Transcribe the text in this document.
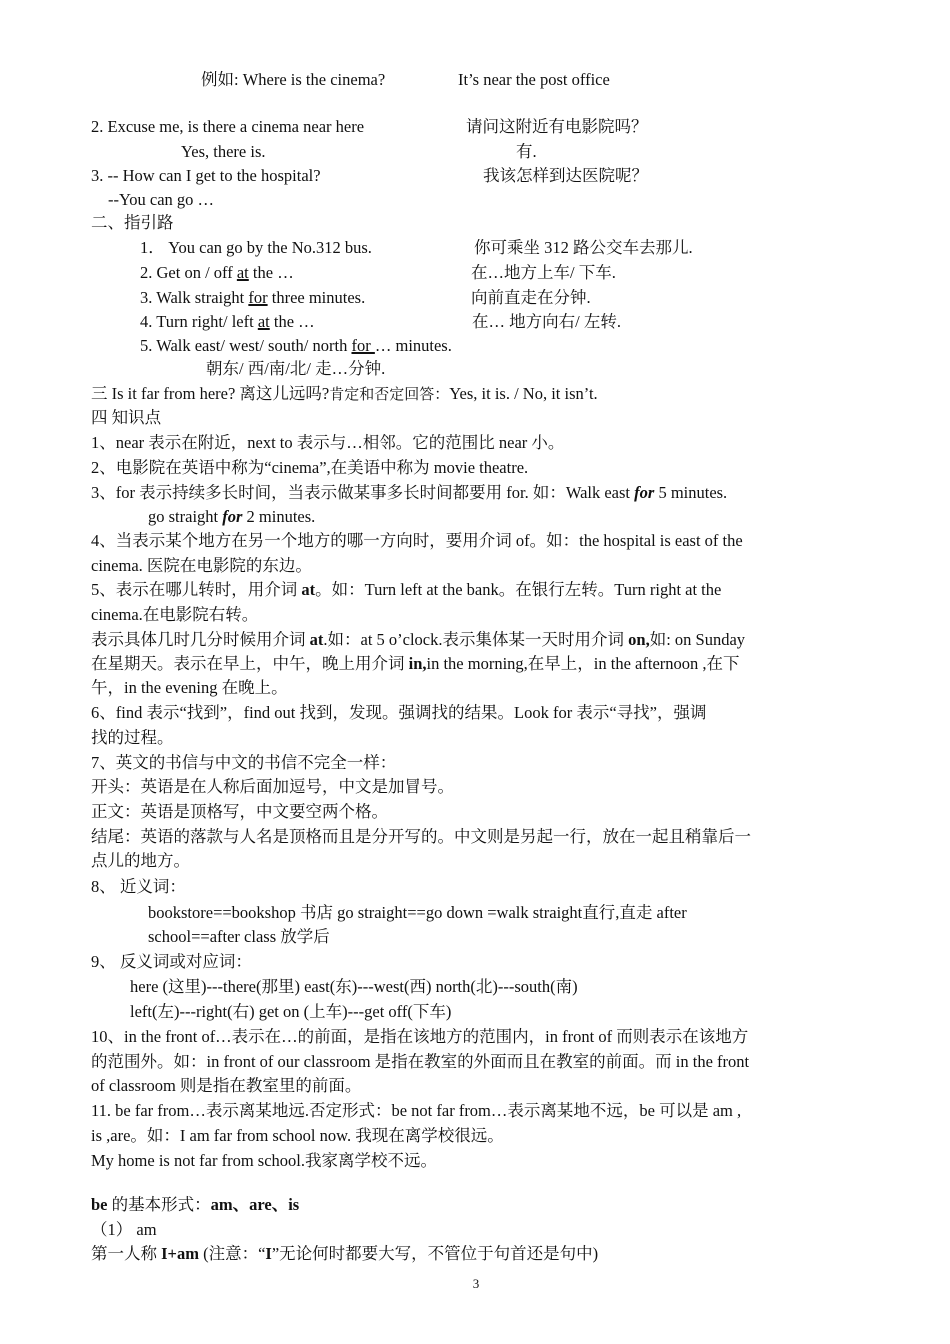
例如: Where is the cinema?	It’s near the post office
2. Excuse me, is there a cinema near here	请问这附近有电影院吗？
Yes, there is.	有.
3. -- How can I get to the hospital?	我该怎样到达医院呢？
--You can go …
二、指引路
1． You can go by the No.312 bus.	你可乘坐 312 路公交车去那儿.
2. Get on / off at the …	在…地方上车/ 下车.
3. Walk straight for three minutes.	向前直走在分钟.
4. Turn right/ left at the …	在… 地方向右/ 左转.
5. Walk east/ west/ south/ north for … minutes.
朝东/ 西/南/北/ 走…分钟.
三 Is it far from here? 离这儿远吗?肯定和否定回答：Yes, it is. / No, it isn’t.
四 知识点
1、near 表示在附近，next to 表示与…相邻。它的范围比 near 小。
2、电影院在英语中称为“cinema”,在美语中称为 movie theatre.
3、for 表示持续多长时间，当表示做某事多长时间都要用 for. 如：Walk east for 5 minutes.
go straight for 2 minutes.
4、当表示某个地方在另一个地方的哪一方向时，要用介词 of。如：the hospital is east of the
cinema. 医院在电影院的东边。
5、表示在哪儿转时，用介词 at。如：Turn left at the bank。在银行左转。Turn right at the
cinema.在电影院右转。
表示具体几时几分时候用介词 at.如：at 5 o’clock.表示集体某一天时用介词 on,如: on Sunday
在星期天。表示在早上，中午，晚上用介词 in,in the morning,在早上，in the afternoon ,在下
午，in the evening 在晚上。
6、find 表示“找到”，find out 找到，发现。强调找的结果。Look for 表示“寻找”，强调
找的过程。
7、英文的书信与中文的书信不完全一样：
开头：英语是在人称后面加逗号，中文是加冒号。
正文：英语是顶格写，中文要空两个格。
结尾：英语的落款与人名是顶格而且是分开写的。中文则是另起一行，放在一起且稍靠后一
点儿的地方。
8、 近义词：
bookstore==bookshop 书店 go straight==go down =walk straight直行,直走 after
school==after class 放学后
9、 反义词或对应词：
here (这里)---there(那里) east(东)---west(西) north(北)---south(南)
left(左)---right(右) get on (上车)---get off(下车)
10、in the front of…表示在…的前面，是指在该地方的范围内，in front of 而则表示在该地方
的范围外。如：in front of our classroom 是指在教室的外面而且在教室的前面。而 in the front
of classroom 则是指在教室里的前面。
11. be far from…表示离某地远.否定形式：be not far from…表示离某地不远，be 可以是 am ,
is ,are。如：I am far from school now. 我现在离学校很远。
My home is not far from school.我家离学校不远。
be 的基本形式：am、are、is
（1） am
第一人称 I+am (注意：“I”无论何时都要大写，不管位于句首还是句中)
3
